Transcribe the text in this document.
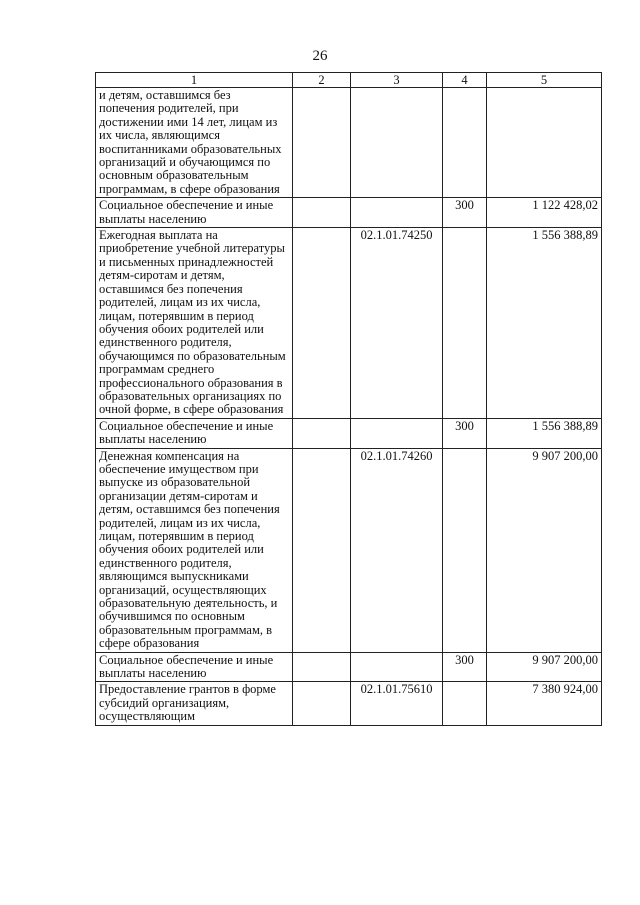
26
1	2	3	4	5
и детям, оставшимся без попечения родителей, при достижении ими 14 лет, лицам из их числа, являющимся воспитанниками образовательных организаций и обучающимся по основным образовательным программам, в сфере образования				
Социальное обеспечение и иные выплаты населению			300	1 122 428,02
Ежегодная выплата на приобретение учебной литературы и письменных принадлежностей детям-сиротам и детям, оставшимся без попечения родителей, лицам из их числа, лицам, потерявшим в период обучения обоих родителей или единственного родителя, обучающимся по образовательным программам среднего профессионального образования в образовательных организациях по очной форме, в сфере образования		02.1.01.74250		1 556 388,89
Социальное обеспечение и иные выплаты населению			300	1 556 388,89
Денежная компенсация на обеспечение имуществом при выпуске из образовательной организации детям-сиротам и детям, оставшимся без попечения родителей, лицам из их числа, лицам, потерявшим в период обучения обоих родителей или единственного родителя, являющимся выпускниками организаций, осуществляющих образовательную деятельность, и обучившимся по основным образовательным программам, в сфере образования		02.1.01.74260		9 907 200,00
Социальное обеспечение и иные выплаты населению			300	9 907 200,00
Предоставление грантов в форме субсидий организациям, осуществляющим		02.1.01.75610		7 380 924,00
